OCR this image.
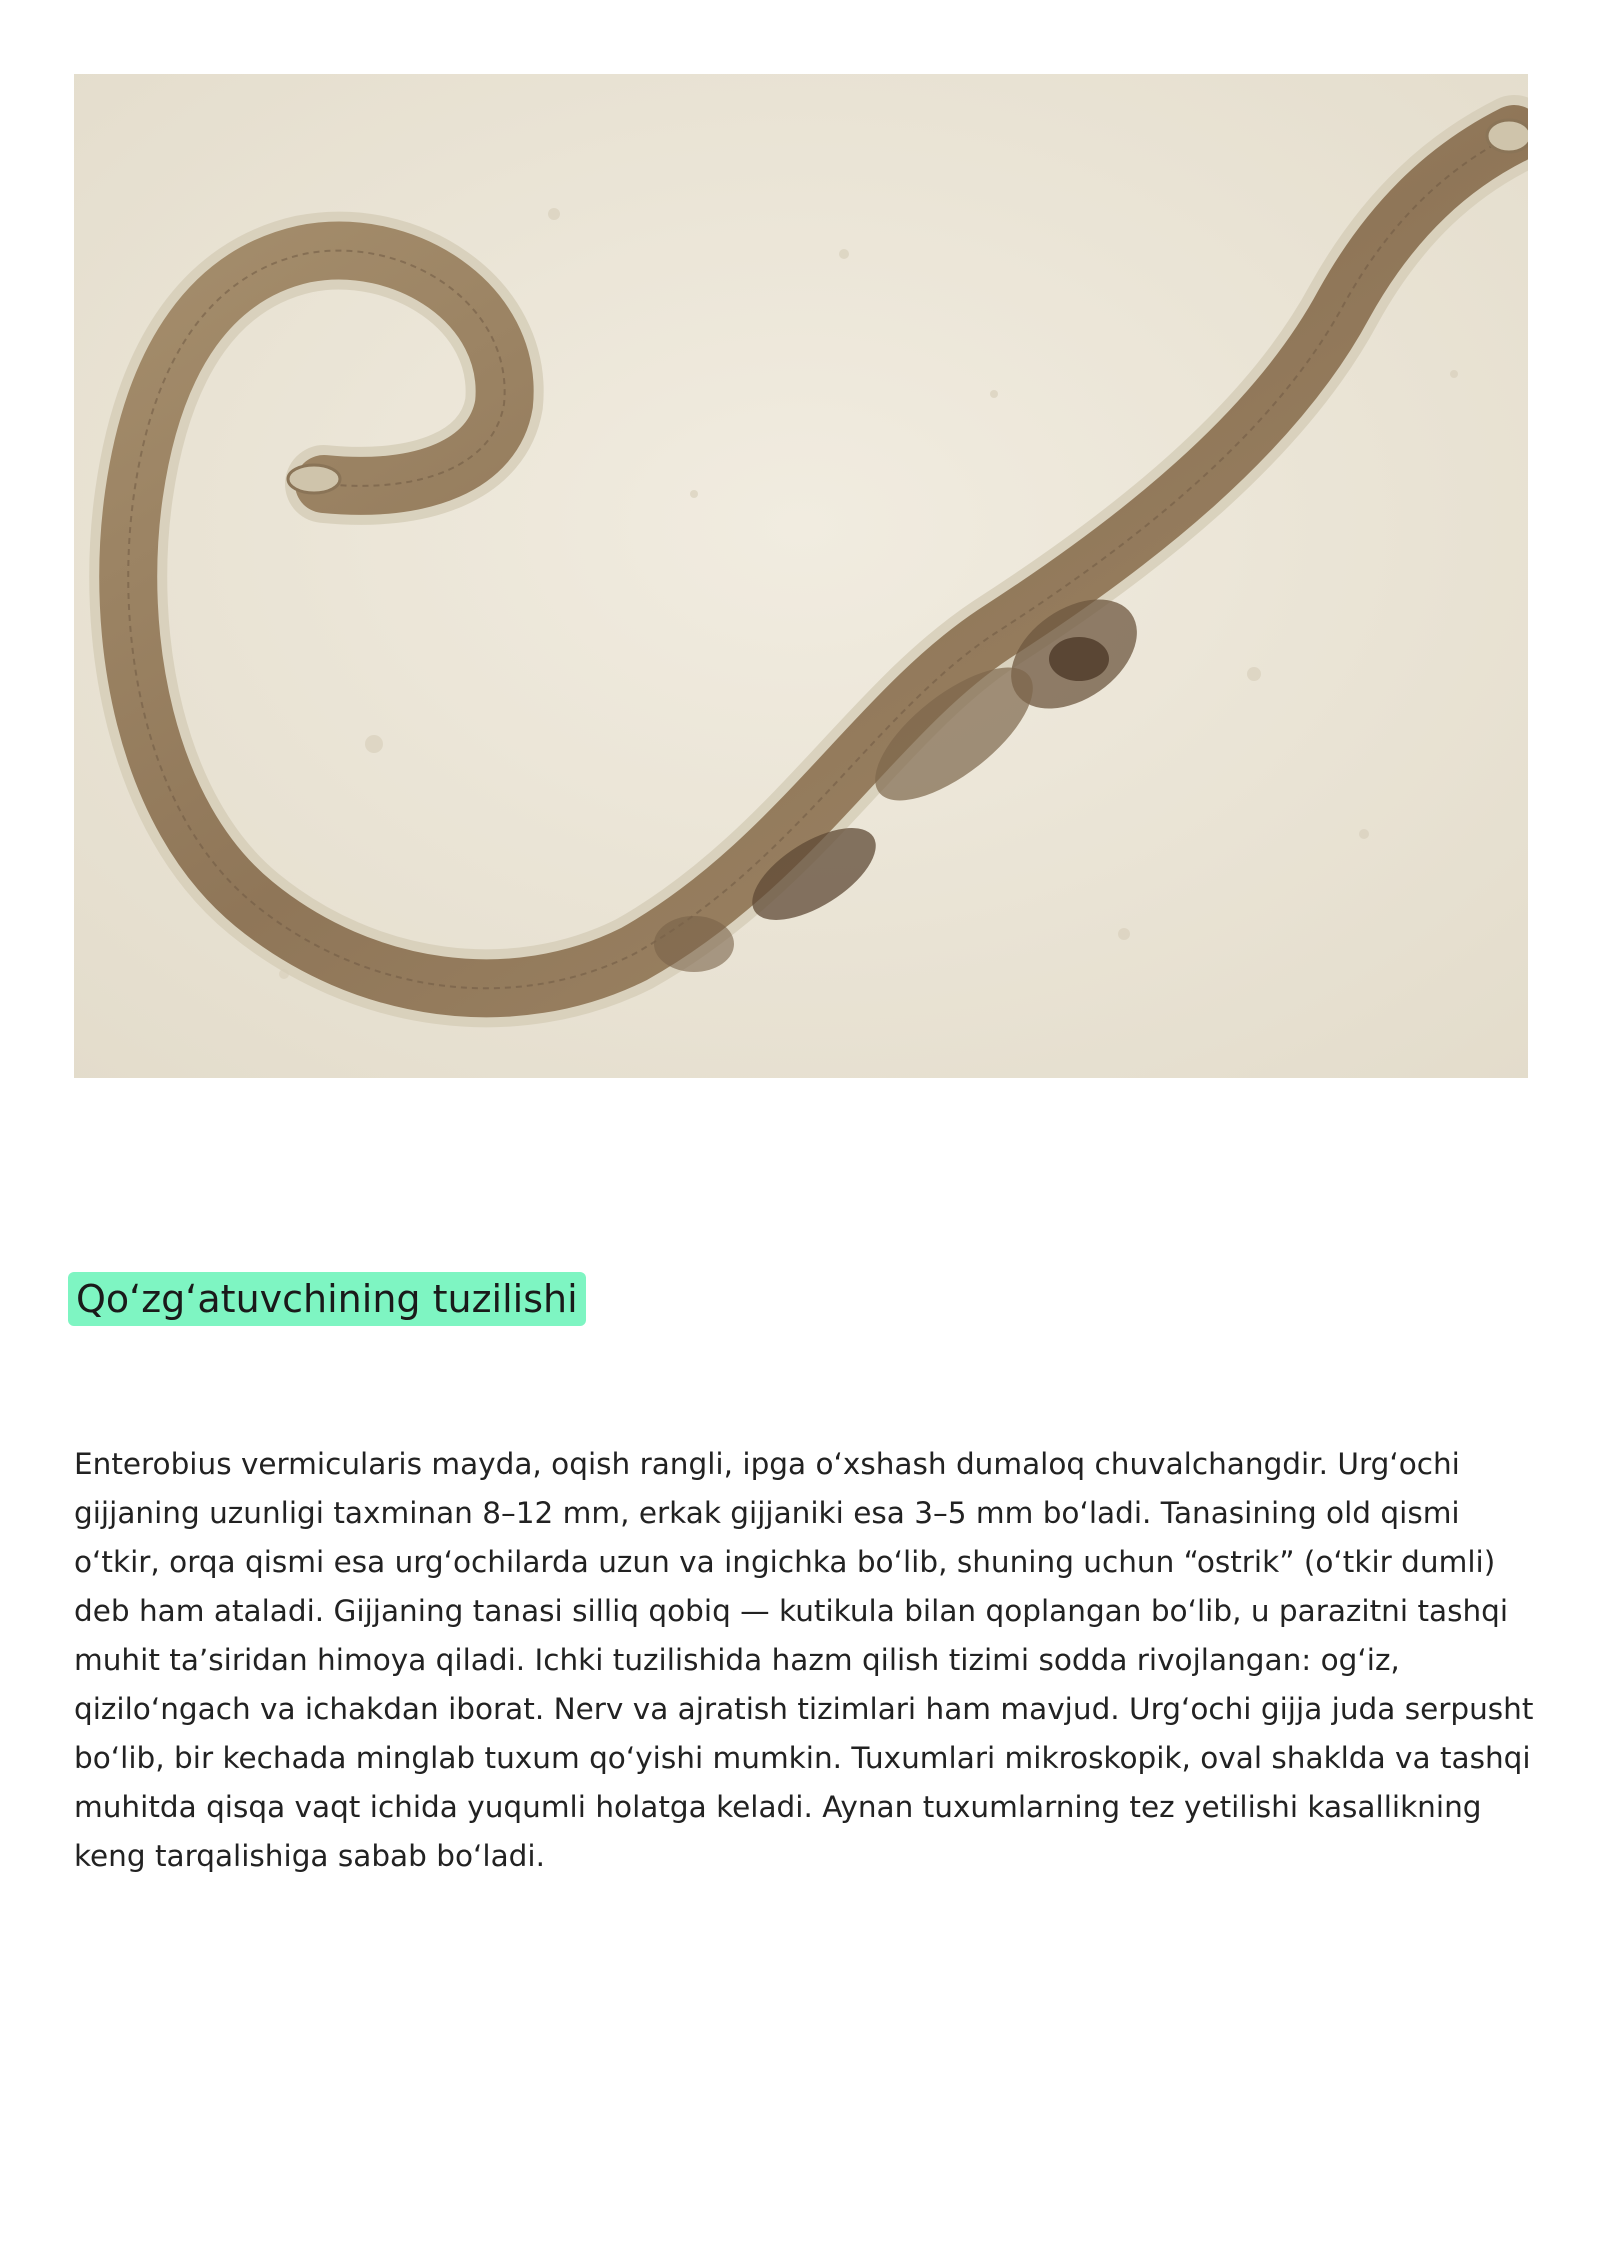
Qo‘zg‘atuvchining tuzilishi

Enterobius vermicularis mayda, oqish rangli, ipga o‘xshash dumaloq chuvalchangdir. Urg‘ochi gijjaning uzunligi taxminan 8–12 mm, erkak gijjaniki esa 3–5 mm bo‘ladi. Tanasining old qismi o‘tkir, orqa qismi esa urg‘ochilarda uzun va ingichka bo‘lib, shuning uchun “ostrik” (o‘tkir dumli) deb ham ataladi. Gijjaning tanasi silliq qobiq — kutikula bilan qoplangan bo‘lib, u parazitni tashqi muhit ta’siridan himoya qiladi. Ichki tuzilishida hazm qilish tizimi sodda rivojlangan: og‘iz, qizilo‘ngach va ichakdan iborat. Nerv va ajratish tizimlari ham mavjud. Urg‘ochi gijja juda serpusht bo‘lib, bir kechada minglab tuxum qo‘yishi mumkin. Tuxumlari mikroskopik, oval shaklda va tashqi muhitda qisqa vaqt ichida yuqumli holatga keladi. Aynan tuxumlarning tez yetilishi kasallikning keng tarqalishiga sabab bo‘ladi.
